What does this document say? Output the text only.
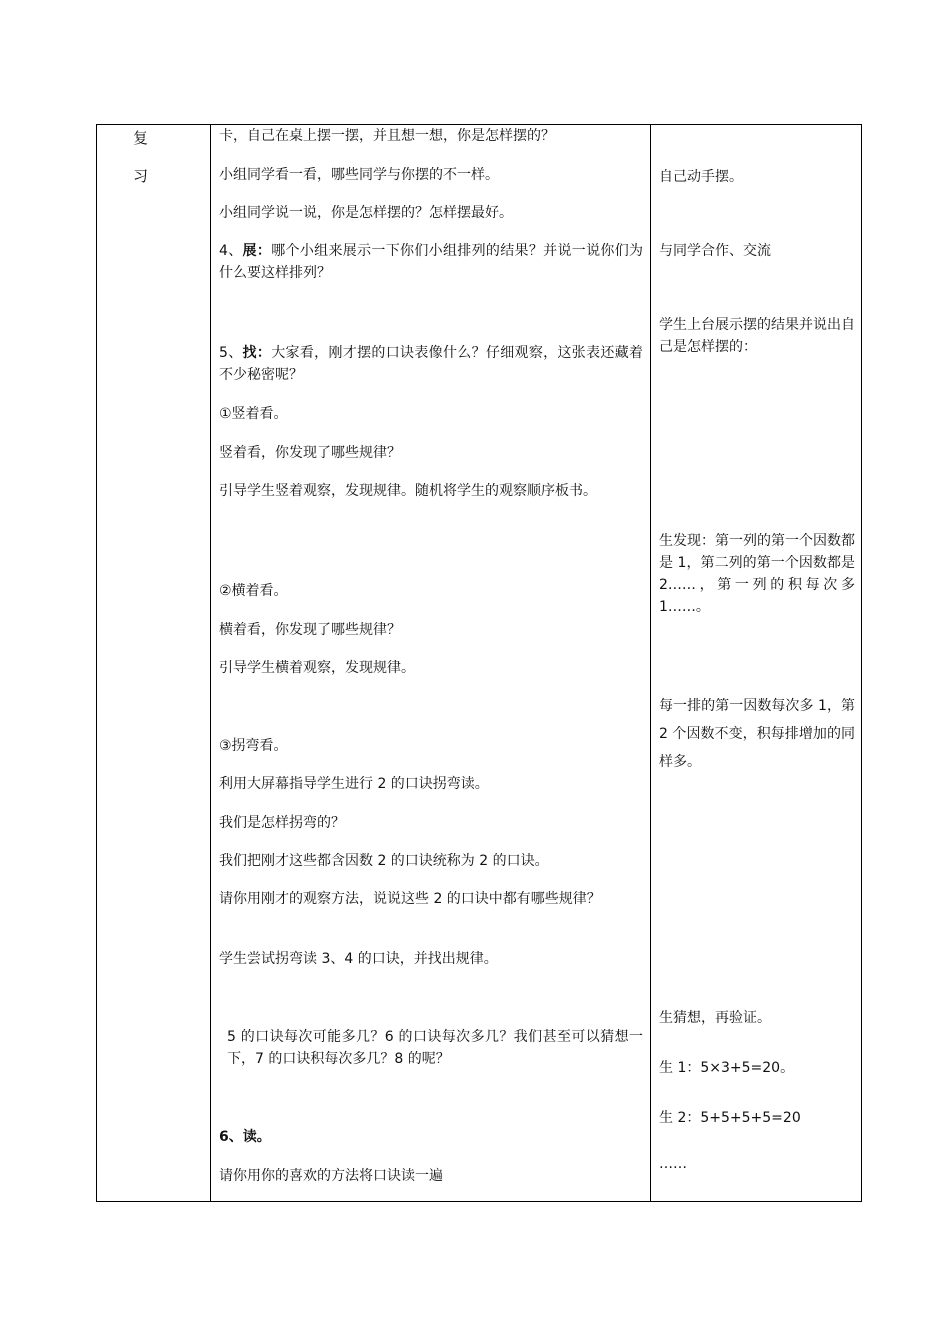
复
习
卡，自己在桌上摆一摆，并且想一想，你是怎样摆的？
小组同学看一看，哪些同学与你摆的不一样。
小组同学说一说，你是怎样摆的？怎样摆最好。
4、展：哪个小组来展示一下你们小组排列的结果？并说一说你们为什么要这样排列？
5、找：大家看，刚才摆的口诀表像什么？仔细观察，这张表还藏着不少秘密呢？
①竖着看。
竖着看，你发现了哪些规律？
引导学生竖着观察，发现规律。随机将学生的观察顺序板书。
②横着看。
横着看，你发现了哪些规律？
引导学生横着观察，发现规律。
③拐弯看。
利用大屏幕指导学生进行 2 的口诀拐弯读。
我们是怎样拐弯的？
我们把刚才这些都含因数 2 的口诀统称为 2 的口诀。
请你用刚才的观察方法，说说这些 2 的口诀中都有哪些规律？
学生尝试拐弯读 3、4 的口诀，并找出规律。
5 的口诀每次可能多几？6 的口诀每次多几？我们甚至可以猜想一下，7 的口诀积每次多几？8 的呢？
6、读。
请你用你的喜欢的方法将口诀读一遍
自己动手摆。
与同学合作、交流
学生上台展示摆的结果并说出自己是怎样摆的：
生发现：第一列的第一个因数都是 1，第二列的第一个因数都是 2……，第一列的积每次多 1……。
每一排的第一因数每次多 1，第 2 个因数不变，积每排增加的同样多。
生猜想，再验证。
生 1：5×3+5=20。
生 2：5+5+5+5=20
……
